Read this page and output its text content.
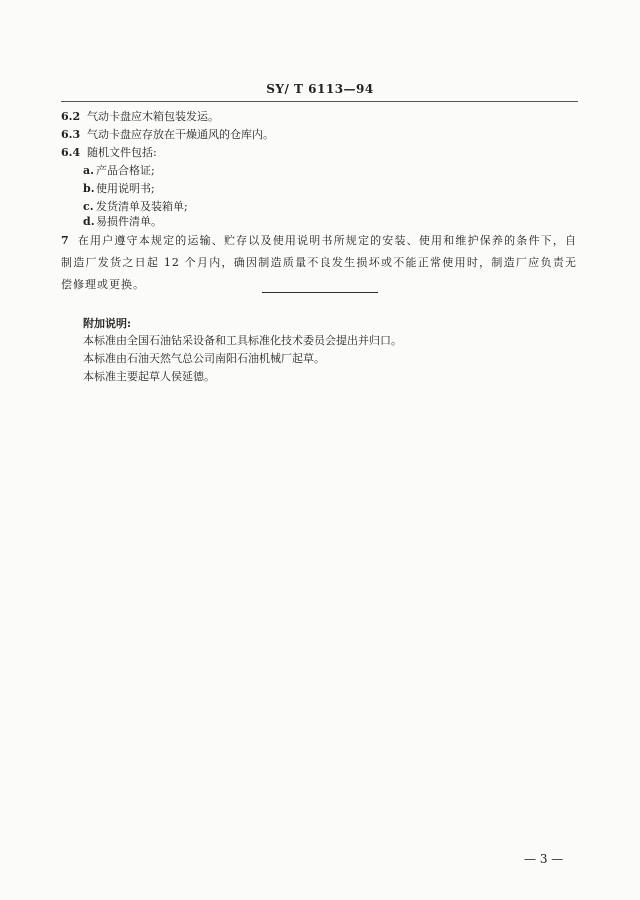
SY/ T 6113—94
6.2 气动卡盘应木箱包装发运。
6.3 气动卡盘应存放在干燥通风的仓库内。
6.4 随机文件包括:
a. 产品合格证;
b.使用说明书;
c. 发货清单及装箱单;
d.易损件清单。
7 在用户遵守本规定的运输、贮存以及使用说明书所规定的安装、使用和维护保养的条件下，自制造厂发货之日起 12 个月内，确因制造质量不良发生损坏或不能正常使用时，制造厂应负责无偿修理或更换。
附加说明:
本标准由全国石油钻采设备和工具标准化技术委员会提出并归口。
本标准由石油天然气总公司南阳石油机械厂起草。
本标准主要起草人侯延德。
— 3 —
